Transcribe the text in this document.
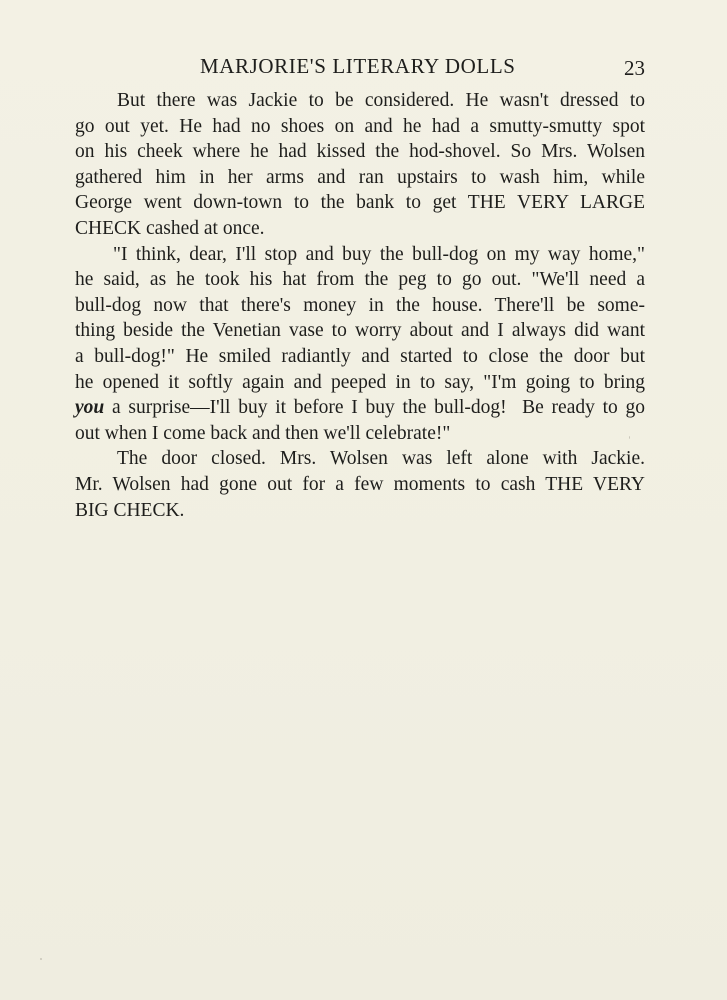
MARJORIE'S LITERARY DOLLS	23
But there was Jackie to be considered. He wasn't dressed to
go out yet. He had no shoes on and he had a smutty-smutty spot
on his cheek where he had kissed the hod-shovel. So Mrs. Wolsen
gathered him in her arms and ran upstairs to wash him, while
George went down-town to the bank to get THE VERY LARGE
CHECK cashed at once.
"I think, dear, I'll stop and buy the bull-dog on my way home,"
he said, as he took his hat from the peg to go out. "We'll need a
bull-dog now that there's money in the house. There'll be some-
thing beside the Venetian vase to worry about and I always did want
a bull-dog!" He smiled radiantly and started to close the door but
he opened it softly again and peeped in to say, "I'm going to bring
you a surprise—I'll buy it before I buy the bull-dog!  Be ready to go
out when I come back and then we'll celebrate!"
The door closed. Mrs. Wolsen was left alone with Jackie.
Mr. Wolsen had gone out for a few moments to cash THE VERY
BIG CHECK.
